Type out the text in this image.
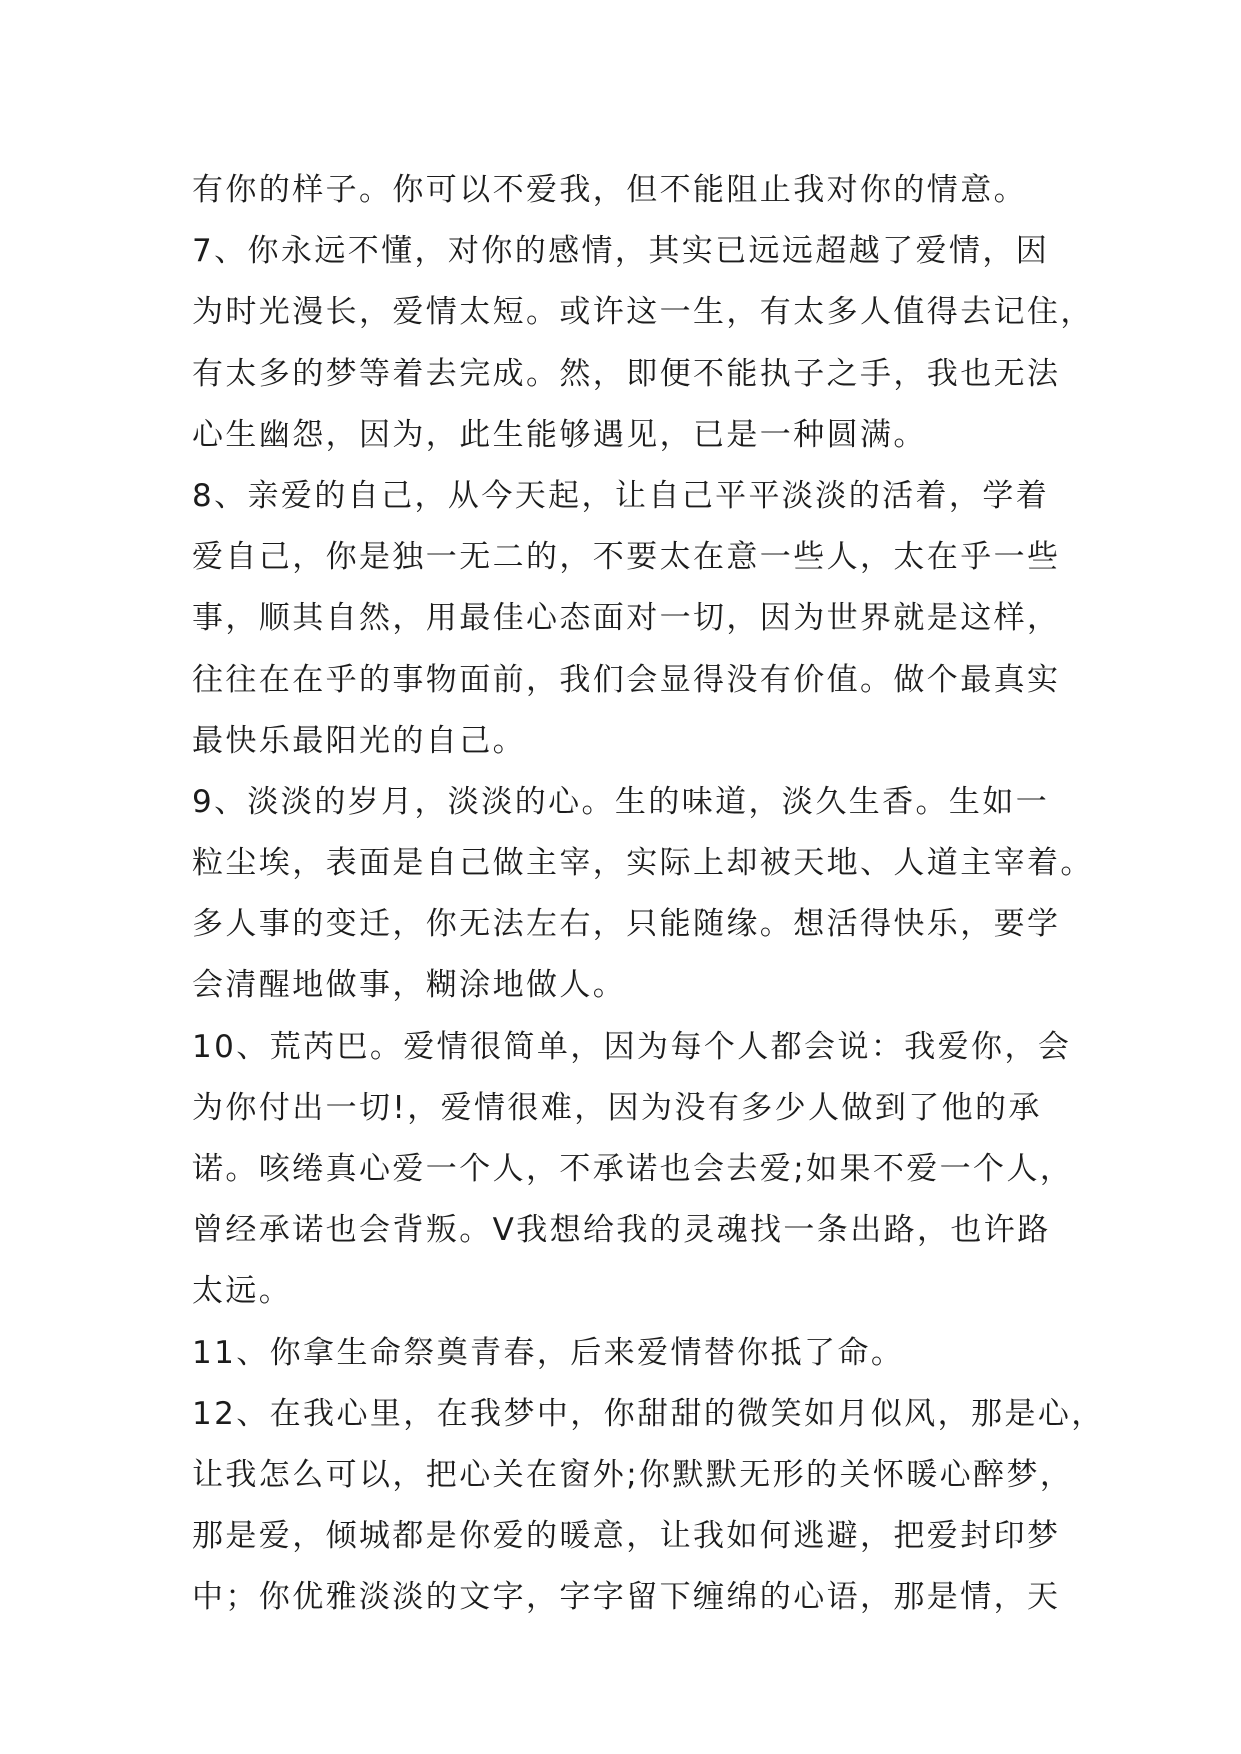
有你的样子。你可以不爱我，但不能阻止我对你的情意。
7、你永远不懂，对你的感情，其实已远远超越了爱情，因
为时光漫长，爱情太短。或许这一生，有太多人值得去记住，
有太多的梦等着去完成。然，即便不能执子之手，我也无法
心生幽怨，因为，此生能够遇见，已是一种圆满。
8、亲爱的自己，从今天起，让自己平平淡淡的活着，学着
爱自己，你是独一无二的，不要太在意一些人，太在乎一些
事，顺其自然，用最佳心态面对一切，因为世界就是这样，
往往在在乎的事物面前，我们会显得没有价值。做个最真实
最快乐最阳光的自己。
9、淡淡的岁月，淡淡的心。生的味道，淡久生香。生如一
粒尘埃，表面是自己做主宰，实际上却被天地、人道主宰着。
多人事的变迁，你无法左右，只能随缘。想活得快乐，要学
会清醒地做事，糊涂地做人。
10、荒芮巴。爱情很简单，因为每个人都会说：我爱你，会
为你付出一切!，爱情很难，因为没有多少人做到了他的承
诺。咳绻真心爱一个人，不承诺也会去爱;如果不爱一个人，
曾经承诺也会背叛。V我想给我的灵魂找一条出路，也许路
太远。
11、你拿生命祭奠青春，后来爱情替你抵了命。
12、在我心里，在我梦中，你甜甜的微笑如月似风，那是心，
让我怎么可以，把心关在窗外;你默默无形的关怀暖心醉梦，
那是爱，倾城都是你爱的暖意，让我如何逃避，把爱封印梦
中；你优雅淡淡的文字，字字留下缠绵的心语，那是情，天
